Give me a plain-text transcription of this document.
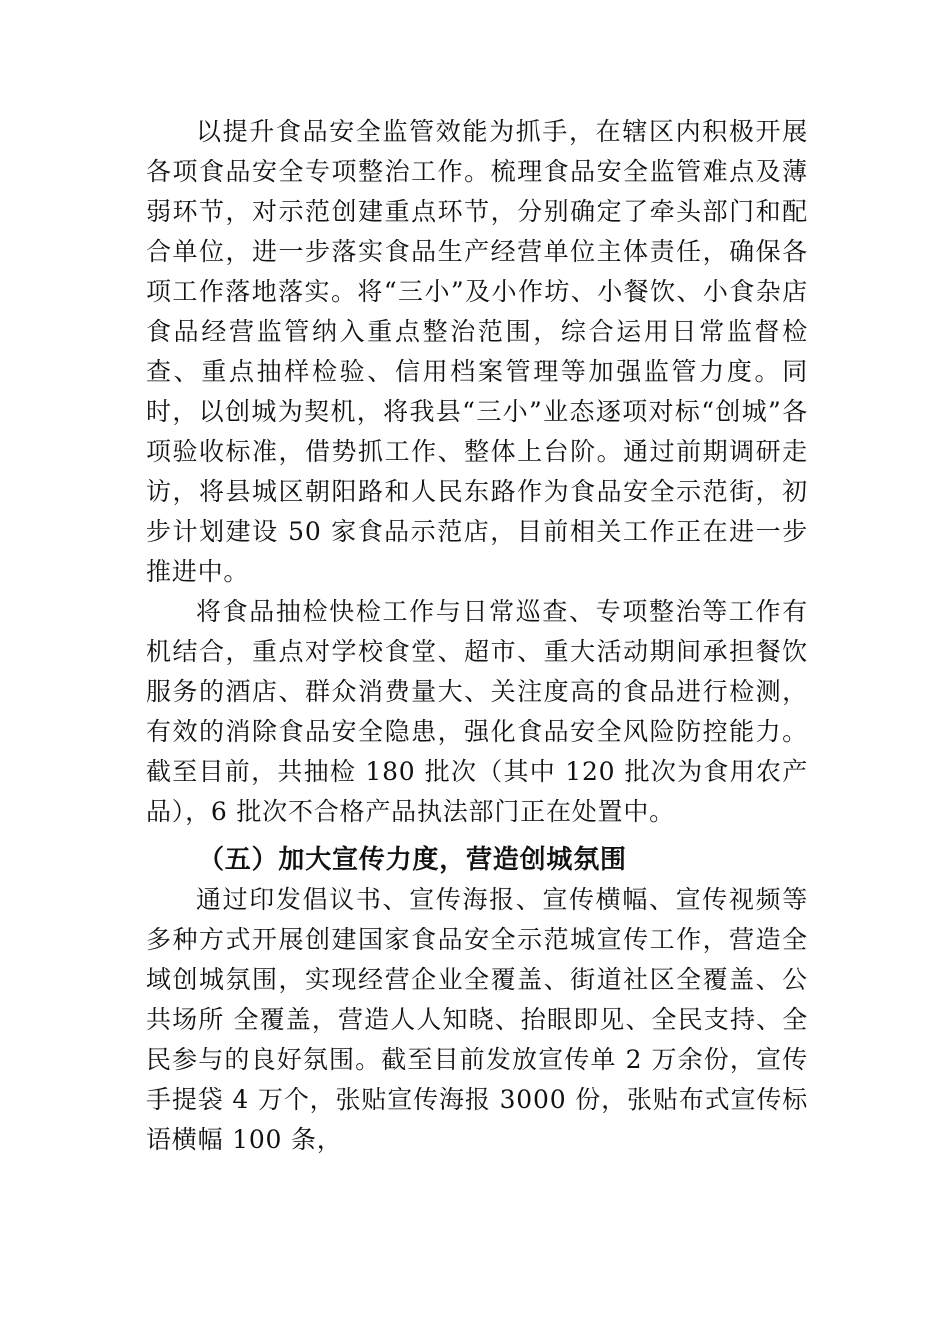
以提升食品安全监管效能为抓手，在辖区内积极开展各项食品安全专项整治工作。梳理食品安全监管难点及薄弱环节，对示范创建重点环节，分别确定了牵头部门和配合单位，进一步落实食品生产经营单位主体责任，确保各项工作落地落实。将“三小”及小作坊、小餐饮、小食杂店食品经营监管纳入重点整治范围，综合运用日常监督检查、重点抽样检验、信用档案管理等加强监管力度。同时，以创城为契机，将我县“三小”业态逐项对标“创城”各项验收标准，借势抓工作、整体上台阶。通过前期调研走访，将县城区朝阳路和人民东路作为食品安全示范街，初步计划建设 50 家食品示范店，目前相关工作正在进一步推进中。

将食品抽检快检工作与日常巡查、专项整治等工作有机结合，重点对学校食堂、超市、重大活动期间承担餐饮服务的酒店、群众消费量大、关注度高的食品进行检测，有效的消除食品安全隐患，强化食品安全风险防控能力。截至目前，共抽检 180 批次（其中 120 批次为食用农产品），6 批次不合格产品执法部门正在处置中。

（五）加大宣传力度，营造创城氛围

通过印发倡议书、宣传海报、宣传横幅、宣传视频等多种方式开展创建国家食品安全示范城宣传工作，营造全域创城氛围，实现经营企业全覆盖、街道社区全覆盖、公共场所 全覆盖，营造人人知晓、抬眼即见、全民支持、全民参与的良好氛围。截至目前发放宣传单 2 万余份，宣传手提袋 4 万个，张贴宣传海报 3000 份，张贴布式宣传标语横幅 100 条，
